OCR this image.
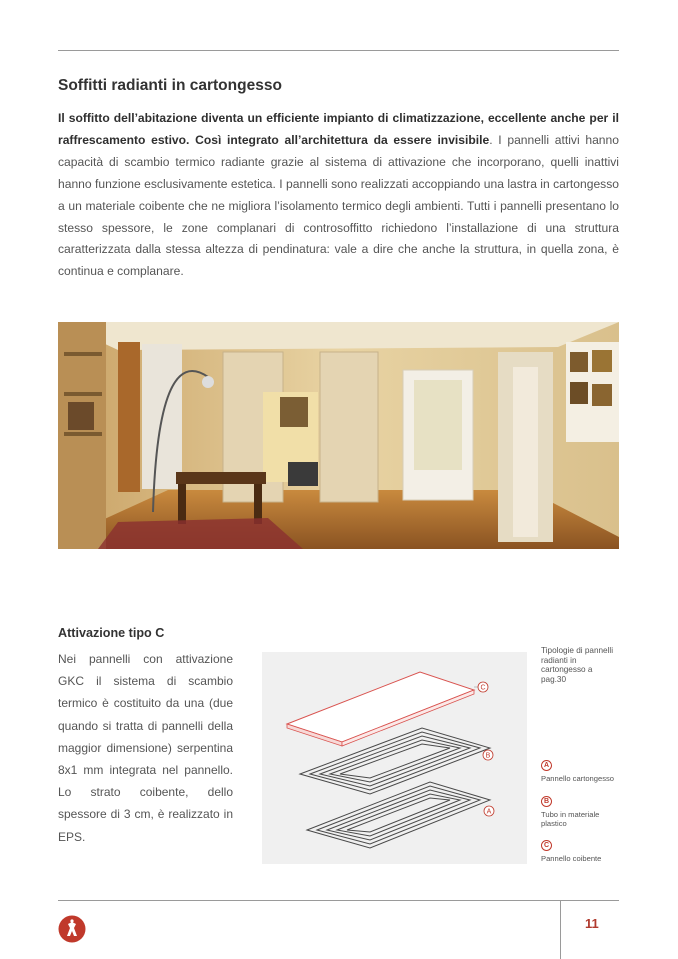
Soffitti radianti in cartongesso

Il soffitto dell’abitazione diventa un efficiente impianto di climatizzazione, eccellente anche per il raffrescamento estivo. Così integrato all’architettura da essere invisibile. I pannelli attivi hanno capacità di scambio termico radiante grazie al sistema di attivazione che incorporano, quelli inattivi hanno funzione esclusivamente estetica. I pannelli sono realizzati accoppiando una lastra in cartongesso a un materiale coibente che ne migliora l’isolamento termico degli ambienti. Tutti i pannelli presentano lo stesso spessore, le zone complanari di controsoffitto richiedono l’installazione di una struttura caratterizzata dalla stessa altezza di pendinatura: vale a dire che anche la struttura, in quella zona, è continua e complanare.

Attivazione tipo C

Nei pannelli con attivazione GKC il sistema di scambio termico è costituito da una (due quando si tratta di pannelli della maggior dimensione) serpentina 8x1 mm integrata nel pannello. Lo strato coibente, dello spessore di 3 cm, è realizzato in EPS.

C
B
A

Tipologie di pannelli radianti in cartongesso a pag.30

A
Pannello cartongesso
B
Tubo in materiale plastico
C
Pannello coibente
11
